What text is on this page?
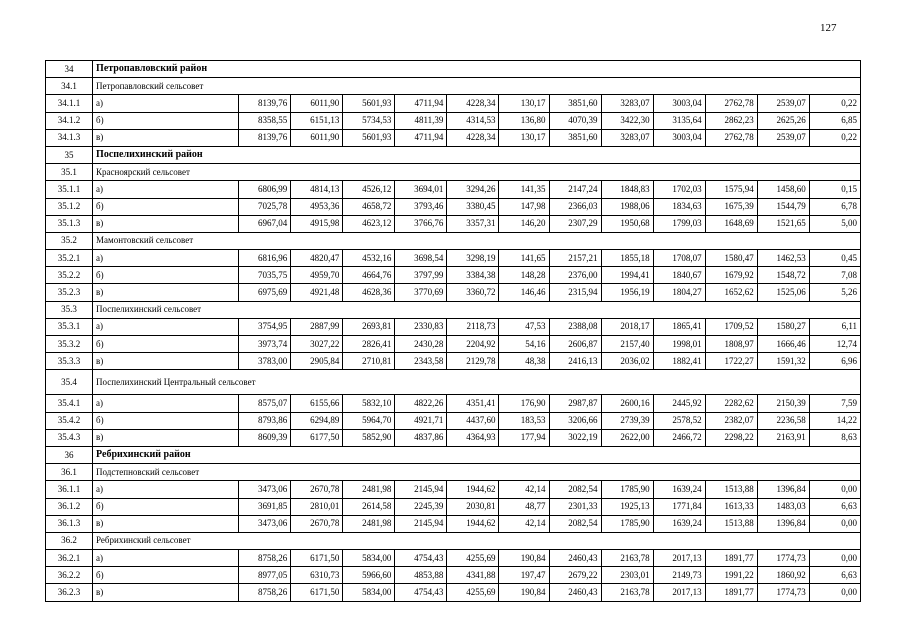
127
34	Петропавловский район												
34.1	Петропавловский сельсовет												
34.1.1	а)	8139,76	6011,90	5601,93	4711,94	4228,34	130,17	3851,60	3283,07	3003,04	2762,78	2539,07	0,22
34.1.2	б)	8358,55	6151,13	5734,53	4811,39	4314,53	136,80	4070,39	3422,30	3135,64	2862,23	2625,26	6,85
34.1.3	в)	8139,76	6011,90	5601,93	4711,94	4228,34	130,17	3851,60	3283,07	3003,04	2762,78	2539,07	0,22
35	Поспелихинский район												
35.1	Красноярский сельсовет												
35.1.1	а)	6806,99	4814,13	4526,12	3694,01	3294,26	141,35	2147,24	1848,83	1702,03	1575,94	1458,60	0,15
35.1.2	б)	7025,78	4953,36	4658,72	3793,46	3380,45	147,98	2366,03	1988,06	1834,63	1675,39	1544,79	6,78
35.1.3	в)	6967,04	4915,98	4623,12	3766,76	3357,31	146,20	2307,29	1950,68	1799,03	1648,69	1521,65	5,00
35.2	Мамонтовский сельсовет												
35.2.1	а)	6816,96	4820,47	4532,16	3698,54	3298,19	141,65	2157,21	1855,18	1708,07	1580,47	1462,53	0,45
35.2.2	б)	7035,75	4959,70	4664,76	3797,99	3384,38	148,28	2376,00	1994,41	1840,67	1679,92	1548,72	7,08
35.2.3	в)	6975,69	4921,48	4628,36	3770,69	3360,72	146,46	2315,94	1956,19	1804,27	1652,62	1525,06	5,26
35.3	Поспелихинский сельсовет												
35.3.1	а)	3754,95	2887,99	2693,81	2330,83	2118,73	47,53	2388,08	2018,17	1865,41	1709,52	1580,27	6,11
35.3.2	б)	3973,74	3027,22	2826,41	2430,28	2204,92	54,16	2606,87	2157,40	1998,01	1808,97	1666,46	12,74
35.3.3	в)	3783,00	2905,84	2710,81	2343,58	2129,78	48,38	2416,13	2036,02	1882,41	1722,27	1591,32	6,96
35.4	Поспелихинский Центральный сельсовет												
35.4.1	а)	8575,07	6155,66	5832,10	4822,26	4351,41	176,90	2987,87	2600,16	2445,92	2282,62	2150,39	7,59
35.4.2	б)	8793,86	6294,89	5964,70	4921,71	4437,60	183,53	3206,66	2739,39	2578,52	2382,07	2236,58	14,22
35.4.3	в)	8609,39	6177,50	5852,90	4837,86	4364,93	177,94	3022,19	2622,00	2466,72	2298,22	2163,91	8,63
36	Ребрихинский район												
36.1	Подстепновский сельсовет												
36.1.1	а)	3473,06	2670,78	2481,98	2145,94	1944,62	42,14	2082,54	1785,90	1639,24	1513,88	1396,84	0,00
36.1.2	б)	3691,85	2810,01	2614,58	2245,39	2030,81	48,77	2301,33	1925,13	1771,84	1613,33	1483,03	6,63
36.1.3	в)	3473,06	2670,78	2481,98	2145,94	1944,62	42,14	2082,54	1785,90	1639,24	1513,88	1396,84	0,00
36.2	Ребрихинский сельсовет												
36.2.1	а)	8758,26	6171,50	5834,00	4754,43	4255,69	190,84	2460,43	2163,78	2017,13	1891,77	1774,73	0,00
36.2.2	б)	8977,05	6310,73	5966,60	4853,88	4341,88	197,47	2679,22	2303,01	2149,73	1991,22	1860,92	6,63
36.2.3	в)	8758,26	6171,50	5834,00	4754,43	4255,69	190,84	2460,43	2163,78	2017,13	1891,77	1774,73	0,00
